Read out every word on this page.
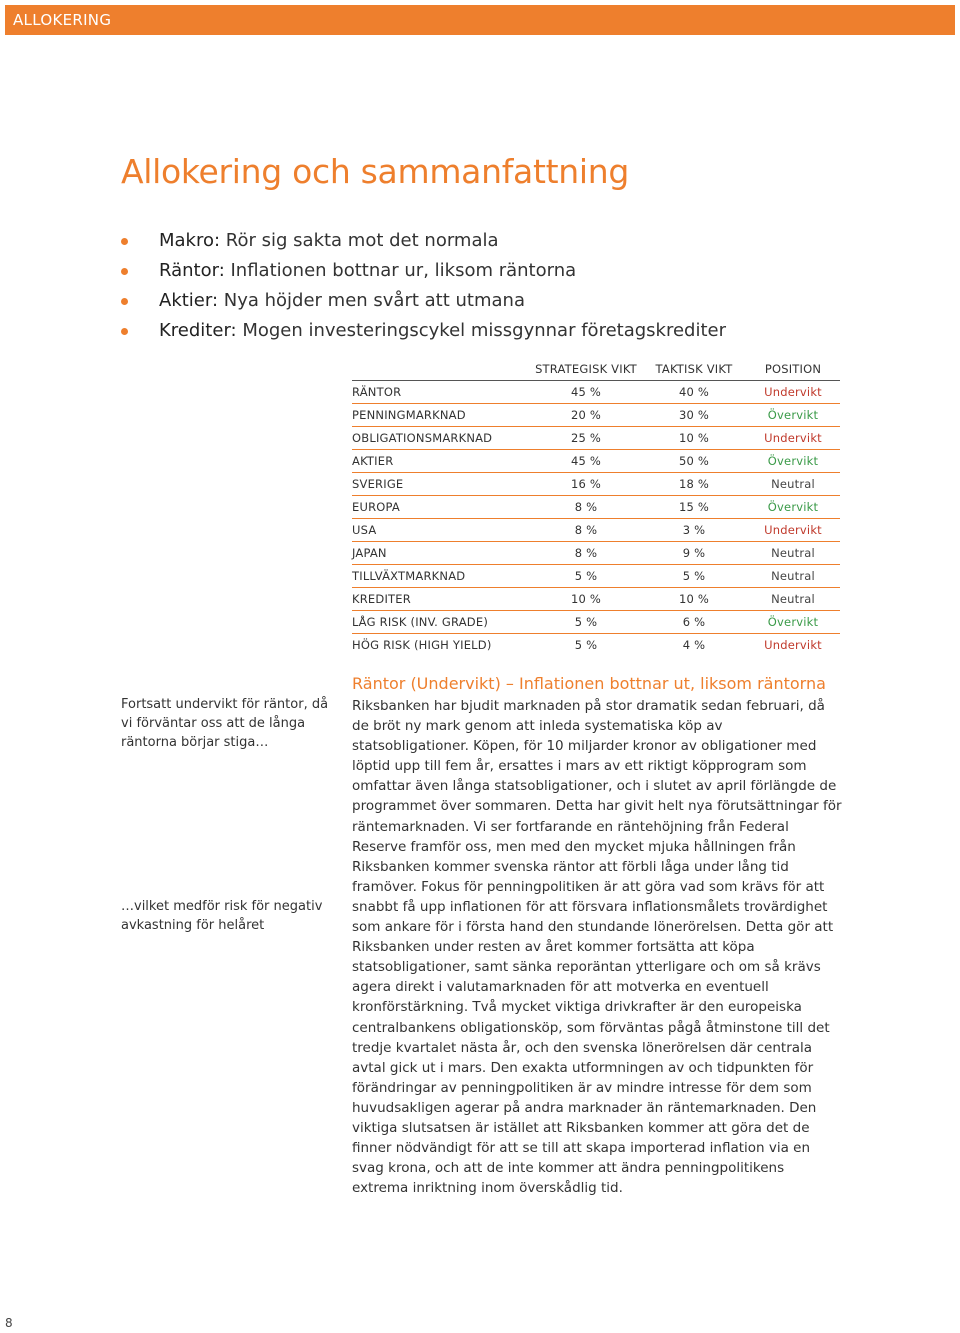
ALLOKERING
Allokering och sammanfattning
Makro: Rör sig sakta mot det normala
Räntor: Inflationen bottnar ur, liksom räntorna
Aktier: Nya höjder men svårt att utmana
Krediter: Mogen investeringscykel missgynnar företagskrediter
	STRATEGISK VIKT	TAKTISK VIKT	POSITION
RÄNTOR	45 %	40 %	Undervikt
PENNINGMARKNAD	20 %	30 %	Övervikt
OBLIGATIONSMARKNAD	25 %	10 %	Undervikt
AKTIER	45 %	50 %	Övervikt
SVERIGE	16 %	18 %	Neutral
EUROPA	8 %	15 %	Övervikt
USA	8 %	3 %	Undervikt
JAPAN	8 %	9 %	Neutral
TILLVÄXTMARKNAD	5 %	5 %	Neutral
KREDITER	10 %	10 %	Neutral
LÅG RISK (INV. GRADE)	5 %	6 %	Övervikt
HÖG RISK (HIGH YIELD)	5 %	4 %	Undervikt

Fortsatt undervikt för räntor, då vi förväntar oss att de långa räntorna börjar stiga…

…vilket medför risk för negativ avkastning för helåret

Räntor (Undervikt) – Inflationen bottnar ut, liksom räntorna

Riksbanken har bjudit marknaden på stor dramatik sedan februari, då de bröt ny mark genom att inleda systematiska köp av statsobligationer. Köpen, för 10 miljarder kronor av obligationer med löptid upp till fem år, ersattes i mars av ett riktigt köpprogram som omfattar även långa statsobligationer, och i slutet av april förlängde de programmet över sommaren. Detta har givit helt nya förutsättningar för räntemarknaden. Vi ser fortfarande en räntehöjning från Federal Reserve framför oss, men med den mycket mjuka hållningen från Riksbanken kommer svenska räntor att förbli låga under lång tid framöver. Fokus för penningpolitiken är att göra vad som krävs för att snabbt få upp inflationen för att försvara inflationsmålets trovärdighet som ankare för i första hand den stundande lönerörelsen. Detta gör att Riksbanken under resten av året kommer fortsätta att köpa statsobligationer, samt sänka reporäntan ytterligare och om så krävs agera direkt i valutamarknaden för att motverka en eventuell kronförstärkning. Två mycket viktiga drivkrafter är den europeiska centralbankens obligationsköp, som förväntas pågå åtminstone till det tredje kvartalet nästa år, och den svenska lönerörelsen där centrala avtal gick ut i mars. Den exakta utformningen av och tidpunkten för förändringar av penningpolitiken är av mindre intresse för dem som huvudsakligen agerar på andra marknader än räntemarknaden. Den viktiga slutsatsen är istället att Riksbanken kommer att göra det de finner nödvändigt för att se till att skapa importerad inflation via en svag krona, och att de inte kommer att ändra penningpolitikens extrema inriktning inom överskådlig tid.

8
